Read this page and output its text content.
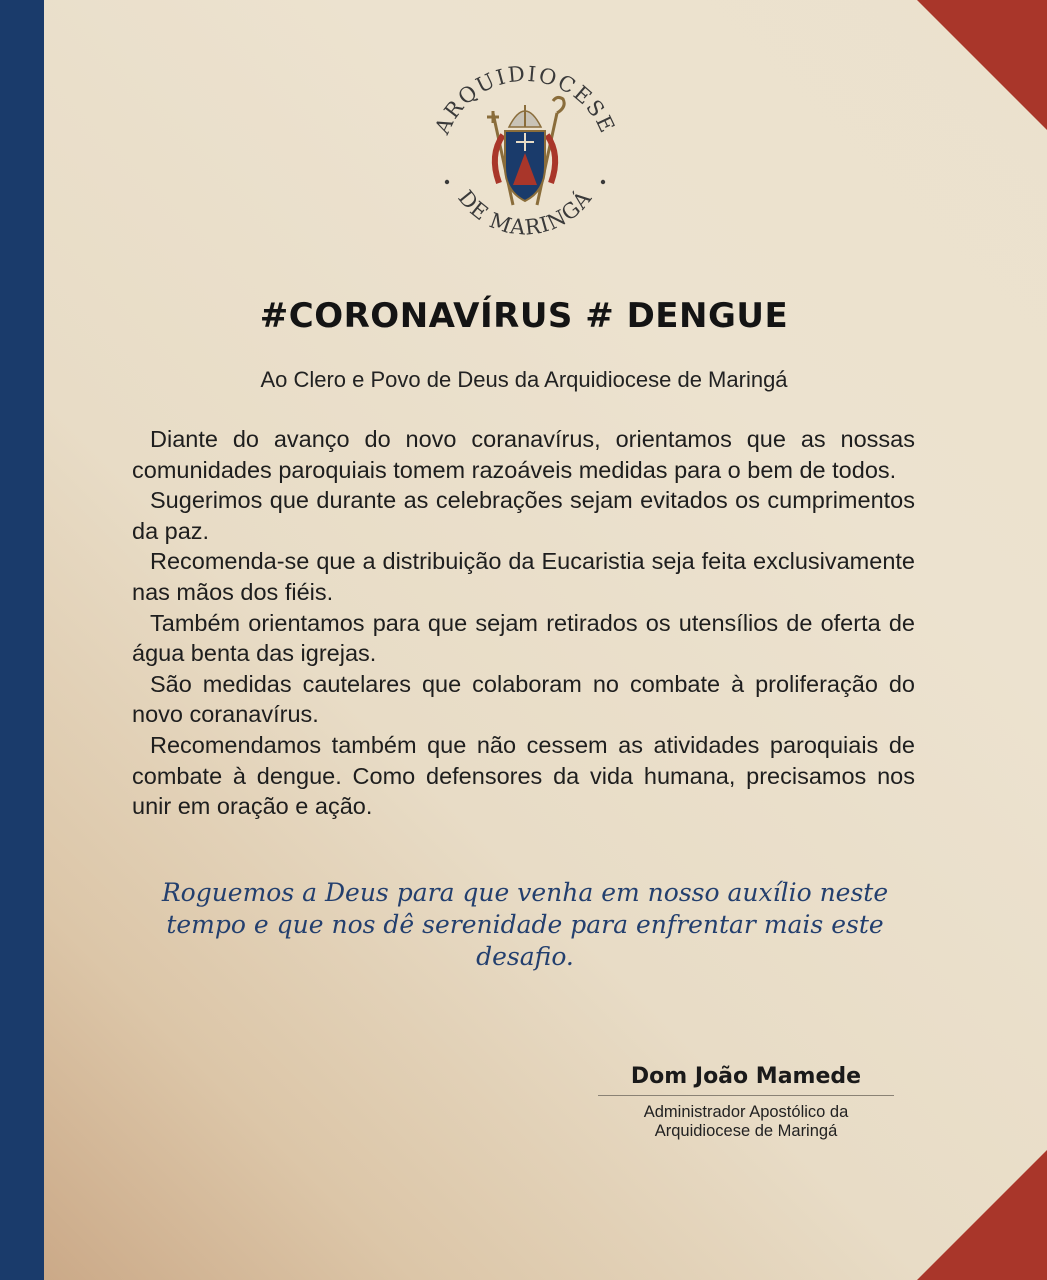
ARQUIDIOCESE
DE MARINGÁ
#CORONAVÍRUS # DENGUE

Ao Clero e Povo de Deus da Arquidiocese de Maringá

Diante do avanço do novo coranavírus, orientamos que as nossas comunidades paroquiais tomem razoáveis medidas para o bem de todos.

Sugerimos que durante as celebrações sejam evitados os cumprimentos da paz.

Recomenda-se que a distribuição da Eucaristia seja feita exclusivamente nas mãos dos fiéis.

Também orientamos para que sejam retirados os utensílios de oferta de água benta das igrejas.

São medidas cautelares que colaboram no combate à proliferação do novo coranavírus.

Recomendamos também que não cessem as atividades paroquiais de combate à dengue. Como defensores da vida humana, precisamos nos unir em oração e ação.

Roguemos a Deus para que venha em nosso auxílio neste
tempo e que nos dê serenidade para enfrentar mais este desafio.

Dom João Mamede

Administrador Apostólico da
Arquidiocese de Maringá
